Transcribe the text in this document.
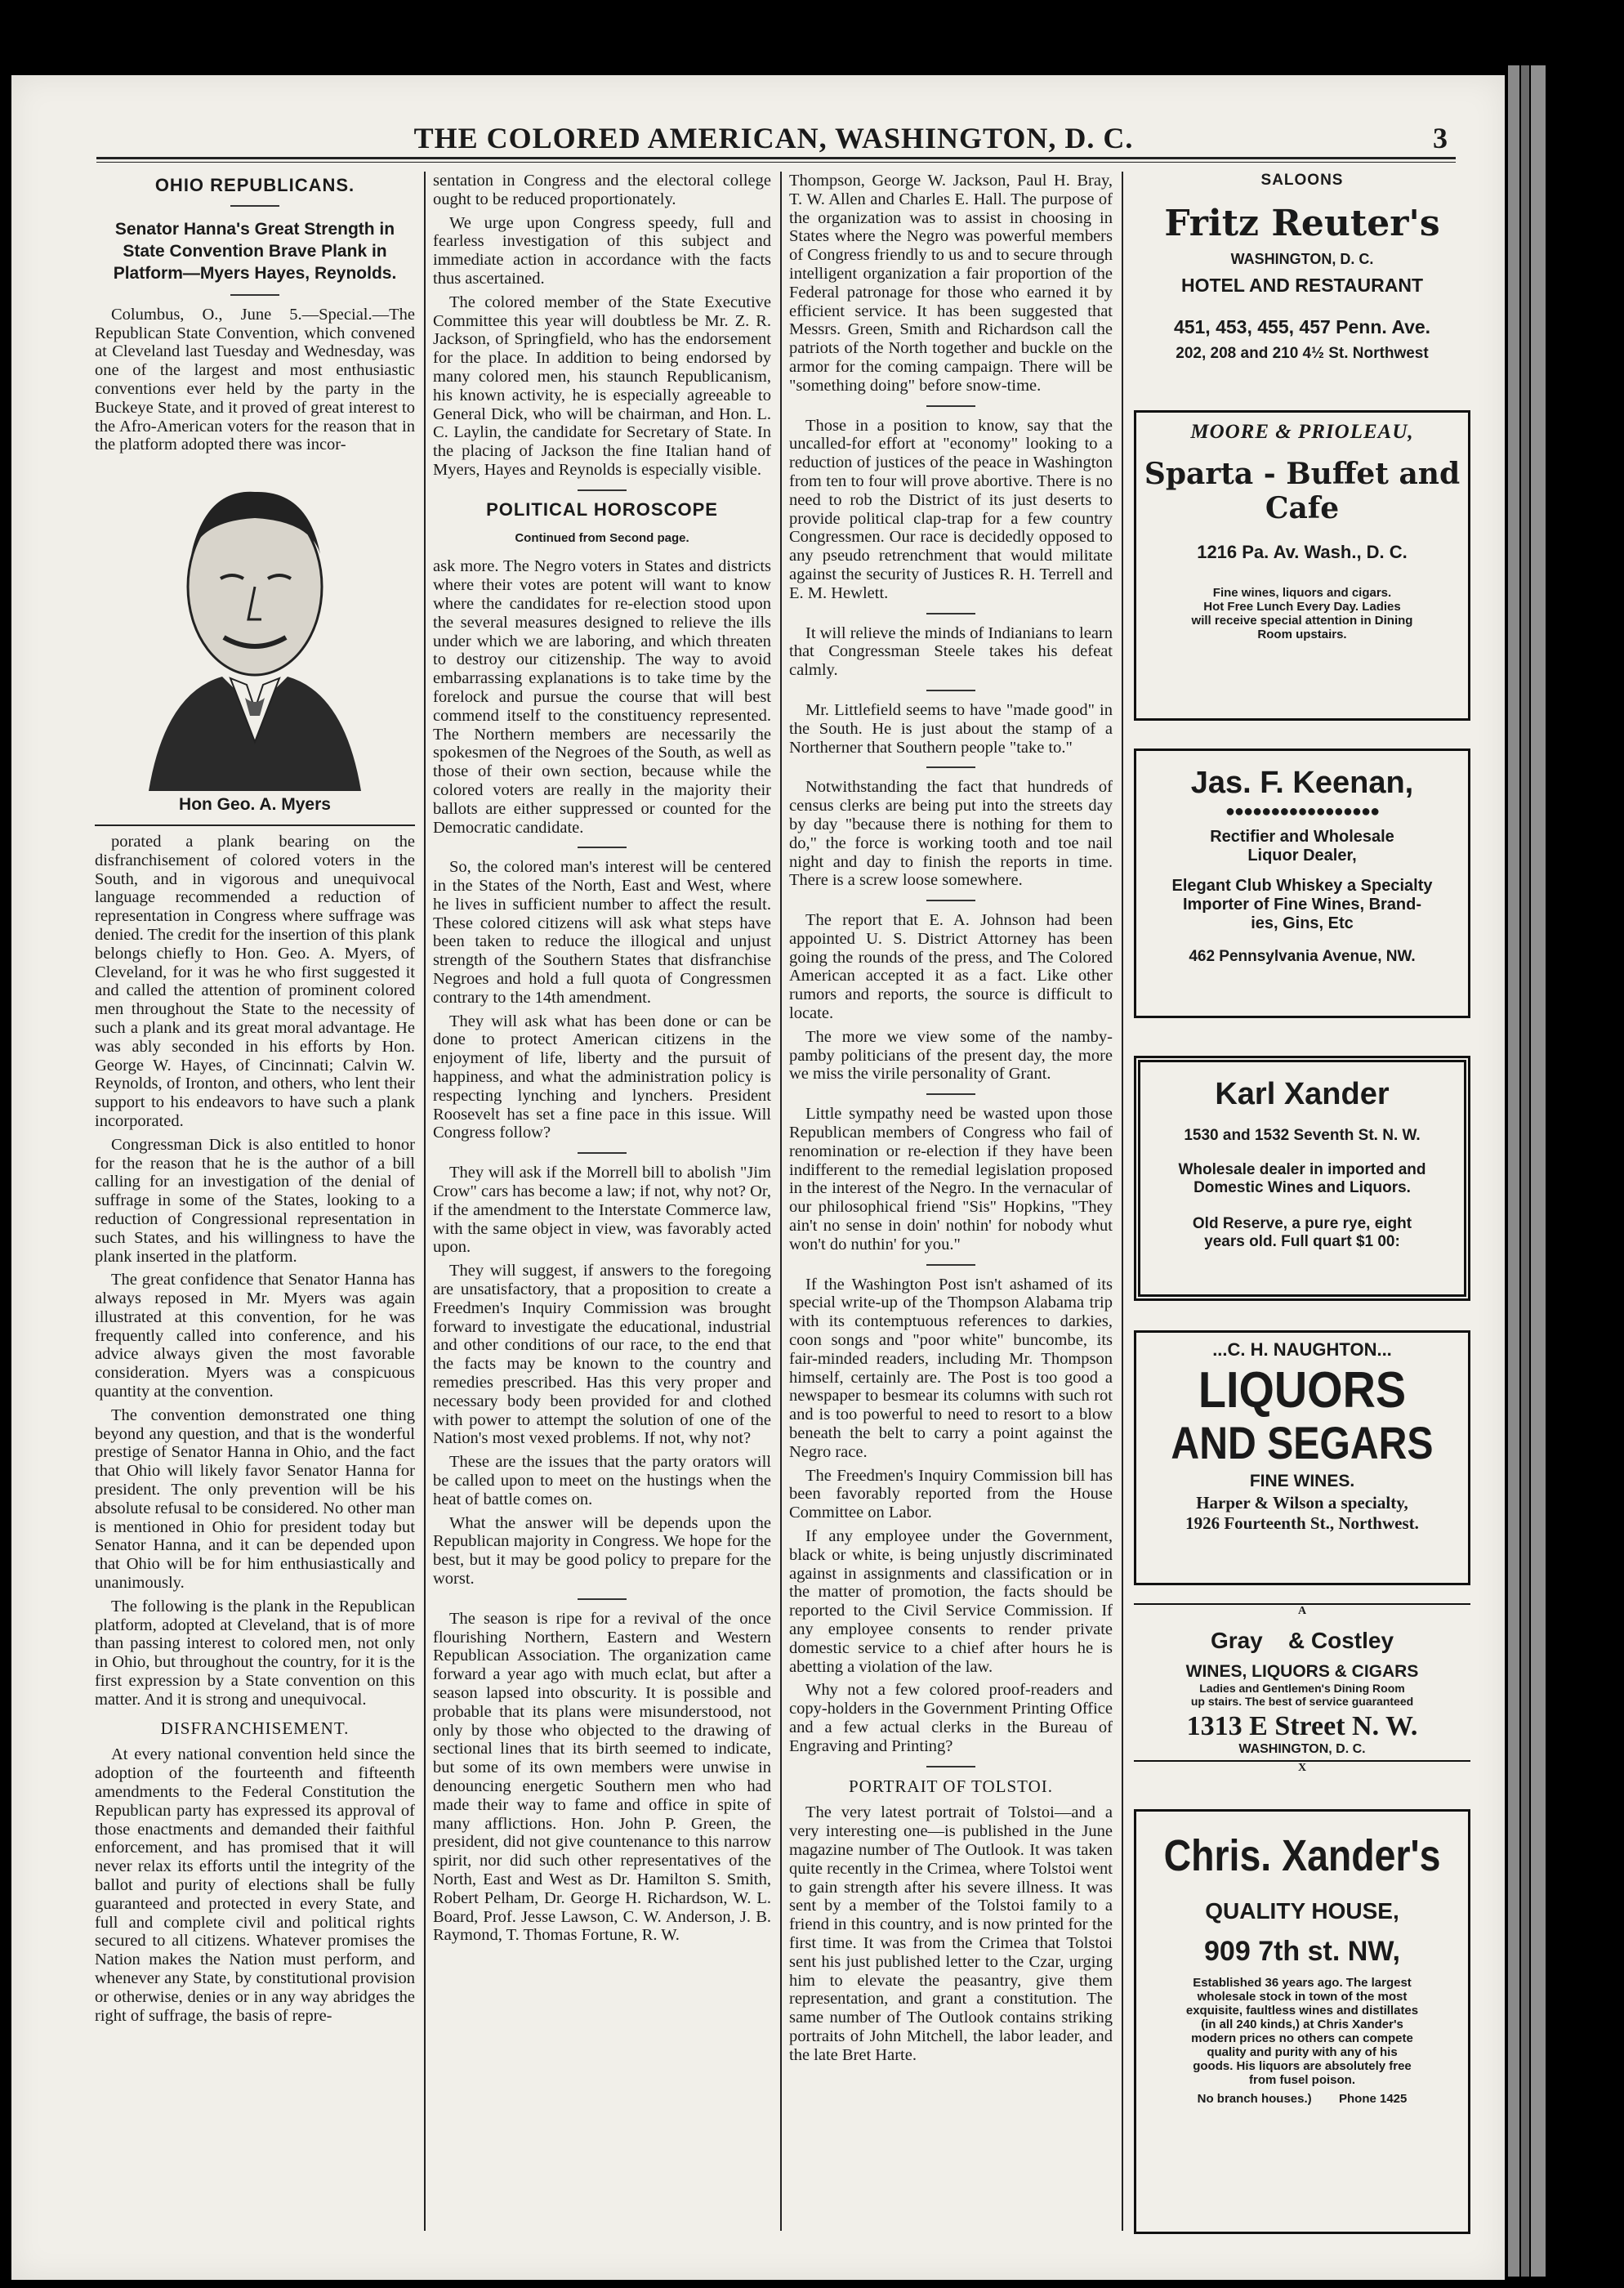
THE COLORED AMERICAN, WASHINGTON, D. C.	3
OHIO REPUBLICANS.
Senator Hanna's Great Strength in State Convention Brave Plank in Platform—Myers Hayes, Reynolds.

Columbus, O., June 5.—Special.—The Republican State Convention, which convened at Cleveland last Tuesday and Wednesday, was one of the largest and most enthusiastic conventions ever held by the party in the Buckeye State, and it proved of great interest to the Afro-American voters for the reason that in the platform adopted there was incor-

Hon Geo. A. Myers

porated a plank bearing on the disfranchisement of colored voters in the South, and in vigorous and unequivocal language recommended a reduction of representation in Congress where suffrage was denied. The credit for the insertion of this plank belongs chiefly to Hon. Geo. A. Myers, of Cleveland, for it was he who first suggested it and called the attention of prominent colored men throughout the State to the necessity of such a plank and its great moral advantage. He was ably seconded in his efforts by Hon. George W. Hayes, of Cincinnati; Calvin W. Reynolds, of Ironton, and others, who lent their support to his endeavors to have such a plank incorporated.

Congressman Dick is also entitled to honor for the reason that he is the author of a bill calling for an investigation of the denial of suffrage in some of the States, looking to a reduction of Congressional representation in such States, and his willingness to have the plank inserted in the platform.

The great confidence that Senator Hanna has always reposed in Mr. Myers was again illustrated at this convention, for he was frequently called into conference, and his advice always given the most favorable consideration. Myers was a conspicuous quantity at the convention.

The convention demonstrated one thing beyond any question, and that is the wonderful prestige of Senator Hanna in Ohio, and the fact that Ohio will likely favor Senator Hanna for president. The only prevention will be his absolute refusal to be considered. No other man is mentioned in Ohio for president today but Senator Hanna, and it can be depended upon that Ohio will be for him enthusiastically and unanimously.

The following is the plank in the Republican platform, adopted at Cleveland, that is of more than passing interest to colored men, not only in Ohio, but throughout the country, for it is the first expression by a State convention on this matter. And it is strong and unequivocal.

DISFRANCHISEMENT.

At every national convention held since the adoption of the fourteenth and fifteenth amendments to the Federal Constitution the Republican party has expressed its approval of those enactments and demanded their faithful enforcement, and has promised that it will never relax its efforts until the integrity of the ballot and purity of elections shall be fully guaranteed and protected in every State, and full and complete civil and political rights secured to all citizens. Whatever promises the Nation makes the Nation must perform, and whenever any State, by constitutional provision or otherwise, denies or in any way abridges the right of suffrage, the basis of repre-

sentation in Congress and the electoral college ought to be reduced proportionately.

We urge upon Congress speedy, full and fearless investigation of this subject and immediate action in accordance with the facts thus ascertained.

The colored member of the State Executive Committee this year will doubtless be Mr. Z. R. Jackson, of Springfield, who has the endorsement for the place. In addition to being endorsed by many colored men, his staunch Republicanism, his known activity, he is especially agreeable to General Dick, who will be chairman, and Hon. L. C. Laylin, the candidate for Secretary of State. In the placing of Jackson the fine Italian hand of Myers, Hayes and Reynolds is especially visible.

POLITICAL HOROSCOPE
Continued from Second page.

ask more. The Negro voters in States and districts where their votes are potent will want to know where the candidates for re-election stood upon the several measures designed to relieve the ills under which we are laboring, and which threaten to destroy our citizenship. The way to avoid embarrassing explanations is to take time by the forelock and pursue the course that will best commend itself to the constituency represented. The Northern members are necessarily the spokesmen of the Negroes of the South, as well as those of their own section, because while the colored voters are really in the majority their ballots are either suppressed or counted for the Democratic candidate.

So, the colored man's interest will be centered in the States of the North, East and West, where he lives in sufficient number to affect the result. These colored citizens will ask what steps have been taken to reduce the illogical and unjust strength of the Southern States that disfranchise Negroes and hold a full quota of Congressmen contrary to the 14th amendment.

They will ask what has been done or can be done to protect American citizens in the enjoyment of life, liberty and the pursuit of happiness, and what the administration policy is respecting lynching and lynchers. President Roosevelt has set a fine pace in this issue. Will Congress follow?

They will ask if the Morrell bill to abolish "Jim Crow" cars has become a law; if not, why not? Or, if the amendment to the Interstate Commerce law, with the same object in view, was favorably acted upon.

They will suggest, if answers to the foregoing are unsatisfactory, that a proposition to create a Freedmen's Inquiry Commission was brought forward to investigate the educational, industrial and other conditions of our race, to the end that the facts may be known to the country and remedies prescribed. Has this very proper and necessary body been provided for and clothed with power to attempt the solution of one of the Nation's most vexed problems. If not, why not?

These are the issues that the party orators will be called upon to meet on the hustings when the heat of battle comes on.

What the answer will be depends upon the Republican majority in Congress. We hope for the best, but it may be good policy to prepare for the worst.

The season is ripe for a revival of the once flourishing Northern, Eastern and Western Republican Association. The organization came forward a year ago with much eclat, but after a season lapsed into obscurity. It is possible and probable that its plans were misunderstood, not only by those who objected to the drawing of sectional lines that its birth seemed to indicate, but some of its own members were unwise in denouncing energetic Southern men who had made their way to fame and office in spite of many afflictions. Hon. John P. Green, the president, did not give countenance to this narrow spirit, nor did such other representatives of the North, East and West as Dr. Hamilton S. Smith, Robert Pelham, Dr. George H. Richardson, W. L. Board, Prof. Jesse Lawson, C. W. Anderson, J. B. Raymond, T. Thomas Fortune, R. W.

Thompson, George W. Jackson, Paul H. Bray, T. W. Allen and Charles E. Hall. The purpose of the organization was to assist in choosing in States where the Negro was powerful members of Congress friendly to us and to secure through intelligent organization a fair proportion of the Federal patronage for those who earned it by efficient service. It has been suggested that Messrs. Green, Smith and Richardson call the patriots of the North together and buckle on the armor for the coming campaign. There will be "something doing" before snow-time.

Those in a position to know, say that the uncalled-for effort at "economy" looking to a reduction of justices of the peace in Washington from ten to four will prove abortive. There is no need to rob the District of its just deserts to provide political clap-trap for a few country Congressmen. Our race is decidedly opposed to any pseudo retrenchment that would militate against the security of Justices R. H. Terrell and E. M. Hewlett.

It will relieve the minds of Indianians to learn that Congressman Steele takes his defeat calmly.

Mr. Littlefield seems to have "made good" in the South. He is just about the stamp of a Northerner that Southern people "take to."

Notwithstanding the fact that hundreds of census clerks are being put into the streets day by day "because there is nothing for them to do," the force is working tooth and toe nail night and day to finish the reports in time. There is a screw loose somewhere.

The report that E. A. Johnson had been appointed U. S. District Attorney has been going the rounds of the press, and The Colored American accepted it as a fact. Like other rumors and reports, the source is difficult to locate.

The more we view some of the namby-pamby politicians of the present day, the more we miss the virile personality of Grant.

Little sympathy need be wasted upon those Republican members of Congress who fail of renomination or re-election if they have been indifferent to the remedial legislation proposed in the interest of the Negro. In the vernacular of our philosophical friend "Sis" Hopkins, "They ain't no sense in doin' nothin' for nobody whut won't do nuthin' for you."

If the Washington Post isn't ashamed of its special write-up of the Thompson Alabama trip with its contemptuous references to darkies, coon songs and "poor white" buncombe, its fair-minded readers, including Mr. Thompson himself, certainly are. The Post is too good a newspaper to besmear its columns with such rot and is too powerful to need to resort to a blow beneath the belt to carry a point against the Negro race.

The Freedmen's Inquiry Commission bill has been favorably reported from the House Committee on Labor.

If any employee under the Government, black or white, is being unjustly discriminated against in assignments and classification or in the matter of promotion, the facts should be reported to the Civil Service Commission. If any employee consents to render private domestic service to a chief after hours he is abetting a violation of the law.

Why not a few colored proof-readers and copy-holders in the Government Printing Office and a few actual clerks in the Bureau of Engraving and Printing?

PORTRAIT OF TOLSTOI.

The very latest portrait of Tolstoi—and a very interesting one—is published in the June magazine number of The Outlook. It was taken quite recently in the Crimea, where Tolstoi went to gain strength after his severe illness. It was sent by a member of the Tolstoi family to a friend in this country, and is now printed for the first time. It was from the Crimea that Tolstoi sent his just published letter to the Czar, urging him to elevate the peasantry, give them representation, and grant a constitution. The same number of The Outlook contains striking portraits of John Mitchell, the labor leader, and the late Bret Harte.

SALOONS
Fritz Reuter's
WASHINGTON, D. C.
HOTEL AND RESTAURANT
451, 453, 455, 457 Penn. Ave.
202, 208 and 210 4½ St. Northwest
MOORE & PRIOLEAU,
Sparta - Buffet and Cafe
1216 Pa. Av. Wash., D. C.
Fine wines, liquors and cigars.
Hot Free Lunch Every Day. Ladies
will receive special attention in Dining
Room upstairs.
Jas. F. Keenan,
●●●●●●●●●●●●●●●●●
Rectifier and Wholesale
Liquor Dealer,
Elegant Club Whiskey a Specialty
Importer of Fine Wines, Brand-
ies, Gins, Etc
462 Pennsylvania Avenue, NW.
Karl Xander
1530 and 1532 Seventh St. N. W.
Wholesale dealer in imported and
Domestic Wines and Liquors.
Old Reserve, a pure rye, eight
years old. Full quart $1 00:
...C. H. NAUGHTON...
LIQUORS
AND SEGARS
FINE WINES.
Harper & Wilson a specialty,
1926 Fourteenth St., Northwest.
A
Gray & Costley
WINES, LIQUORS & CIGARS
Ladies and Gentlemen's Dining Room
up stairs. The best of service guaranteed
1313 E Street N. W.
WASHINGTON, D. C.
X
Chris. Xander's
QUALITY HOUSE,
909 7th st. NW,
Established 36 years ago. The largest
wholesale stock in town of the most
exquisite, faultless wines and distillates
(in all 240 kinds,) at Chris Xander's
modern prices no others can compete
quality and purity with any of his
goods. His liquors are absolutely free
from fusel poison.
No branch houses.) Phone 1425
